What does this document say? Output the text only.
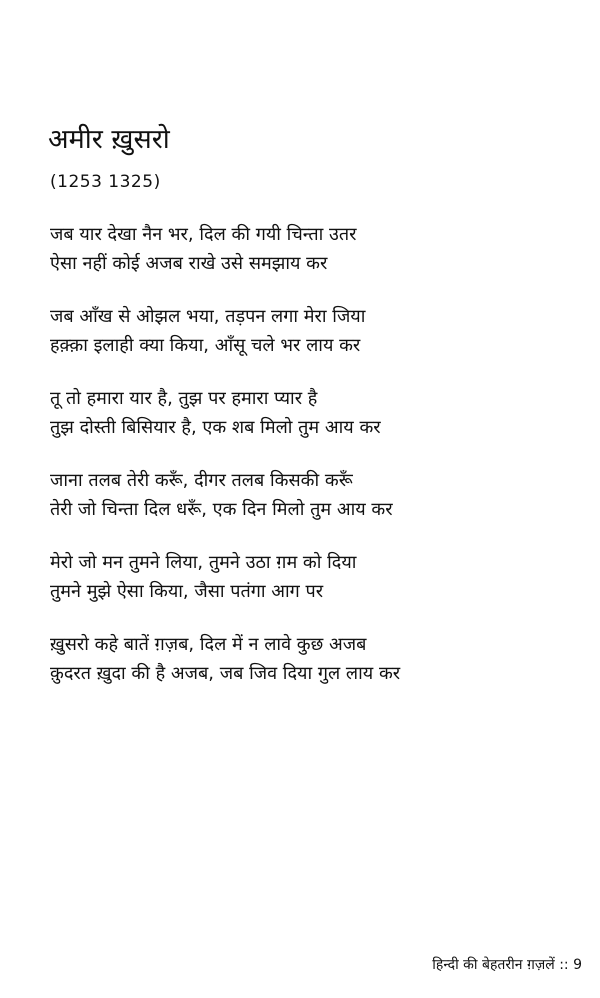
अमीर ख़ुसरो
(1253 1325)
जब यार देखा नैन भर, दिल की गयी चिन्ता उतर
ऐसा नहीं कोई अजब राखे उसे समझाय कर
जब आँख से ओझल भया, तड़पन लगा मेरा जिया
हक़्क़ा इलाही क्या किया, आँसू चले भर लाय कर
तू तो हमारा यार है, तुझ पर हमारा प्यार है
तुझ दोस्ती बिसियार है, एक शब मिलो तुम आय कर
जाना तलब तेरी करूँ, दीगर तलब किसकी करूँ
तेरी जो चिन्ता दिल धरूँ, एक दिन मिलो तुम आय कर
मेरो जो मन तुमने लिया, तुमने उठा ग़म को दिया
तुमने मुझे ऐसा किया, जैसा पतंगा आग पर
ख़ुसरो कहे बातें ग़ज़ब, दिल में न लावे कुछ अजब
क़ुदरत ख़ुदा की है अजब, जब जिव दिया गुल लाय कर
हिन्दी की बेहतरीन ग़ज़लें :: 9
